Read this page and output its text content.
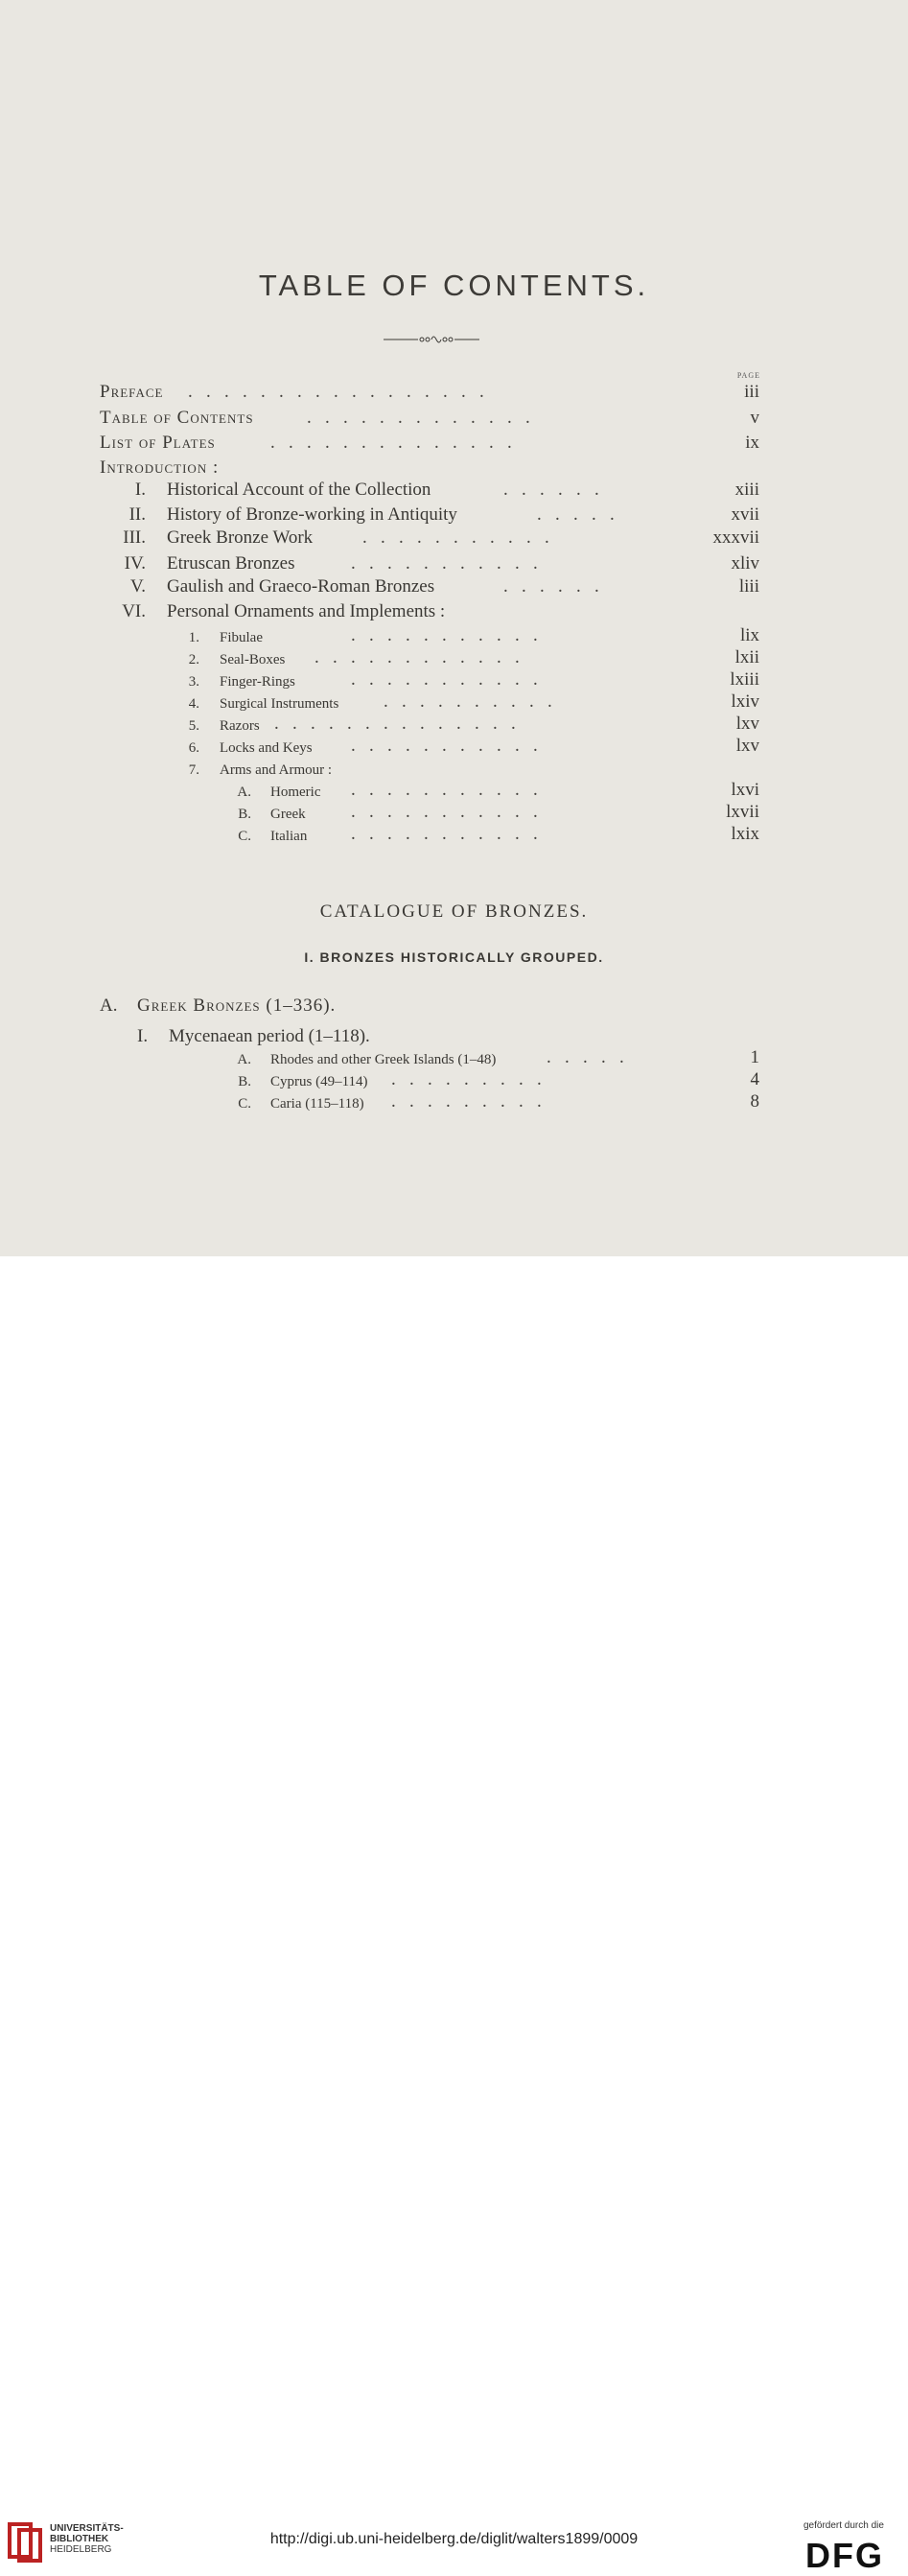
TABLE OF CONTENTS.
PAGE
Preface .   .   .   .   .   .   .   .   .   .   .   .   .   .   .   .   .	iii
Table of Contents	.   .   .   .   .   .   .   .   .   .   .   .   .	v
List of Plates	.   .   .   .   .   .   .   .   .   .   .   .   .   .	ix
Introduction :
I. Historical Account of the Collection	.   .   .   .   .   .	xiii
II. History of Bronze-working in Antiquity	.   .   .   .   .	xvii
III. Greek Bronze Work	.   .   .   .   .   .   .   .   .   .   .	xxxvii
IV. Etruscan Bronzes	.   .   .   .   .   .   .   .   .   .   .	xliv
V. Gaulish and Graeco-Roman Bronzes	.   .   .   .   .   .	liii
VI. Personal Ornaments and Implements :
1. Fibulae	.   .   .   .   .   .   .   .   .   .   .	lix
2. Seal-Boxes .   .   .   .   .   .   .   .   .   .   .   .	lxii
3. Finger-Rings	.   .   .   .   .   .   .   .   .   .   .	lxiii
4. Surgical Instruments .   .   .   .   .   .   .   .   .   .	lxiv
5. Razors .   .   .   .   .   .   .   .   .   .   .   .   .   .	lxv
6. Locks and Keys .   .   .   .   .   .   .   .   .   .   .	lxv
7. Arms and Armour :
A. Homeric .   .   .   .   .   .   .   .   .   .   .	lxvi
B. Greek .   .   .   .   .   .   .   .   .   .   .	lxvii
C. Italian .   .   .   .   .   .   .   .   .   .   .	lxix
CATALOGUE OF BRONZES.
I. BRONZES HISTORICALLY GROUPED.
A. Greek Bronzes (1–336).
I. Mycenaean period (1–118).
A. Rhodes and other Greek Islands (1–48)	.   .   .   .   .	1
B. Cyprus (49–114) .   .   .   .   .   .   .   .   .	4
C. Caria (115–118) .   .   .   .   .   .   .   .   .	8
UNIVERSITÄTS-
BIBLIOTHEK
HEIDELBERG
http://digi.ub.uni-heidelberg.de/diglit/walters1899/0009
gefördert durch die
DFG
